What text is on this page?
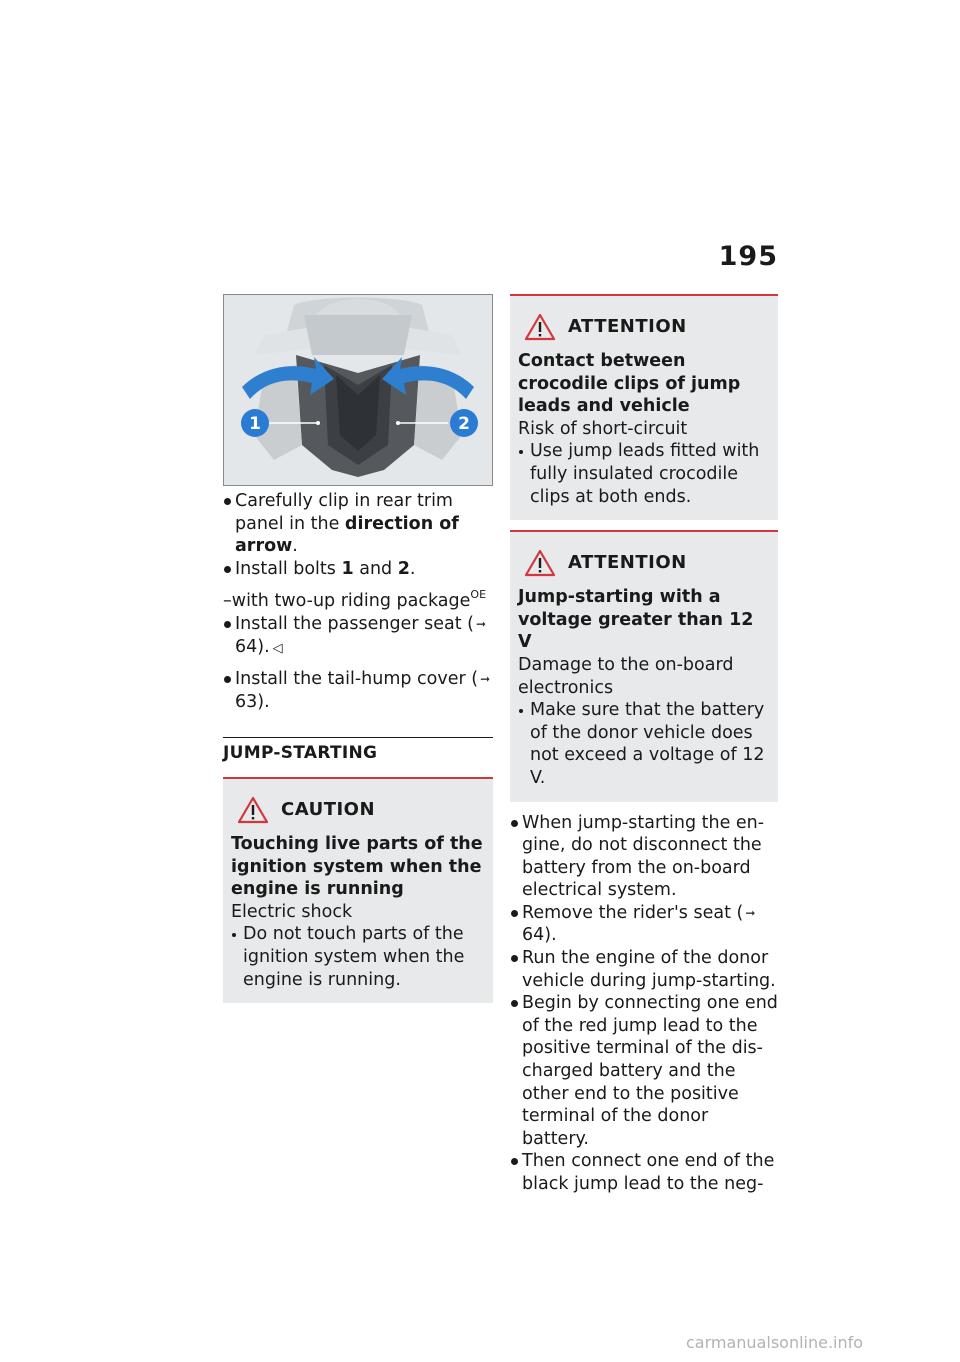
195
1	2
Carefully clip in rear trim panel in the direction of arrow.
Install bolts 1 and 2.
–with two-up riding package$^{OE}$
Install the passenger seat ( ➞ 64). ◁
Install the tail-hump cover ( ➞ 63).
JUMP-STARTING
CAUTION
Touching live parts of the ignition system when the engine is running
Electric shock
Do not touch parts of the ignition system when the engine is running.
ATTENTION
Contact between crocodile clips of jump leads and vehicle
Risk of short-circuit
Use jump leads fitted with fully insulated crocodile clips at both ends.
ATTENTION
Jump-starting with a voltage greater than 12 V
Damage to the on-board electronics
Make sure that the battery of the donor vehicle does not exceed a voltage of 12 V.
When jump-starting the en-gine, do not disconnect the battery from the on-board electrical system.
Remove the rider's seat ( ➞ 64).
Run the engine of the donor vehicle during jump-starting.
Begin by connecting one end of the red jump lead to the positive terminal of the dis-charged battery and the other end to the positive terminal of the donor battery.
Then connect one end of the black jump lead to the neg-
carmanualsonline.info
